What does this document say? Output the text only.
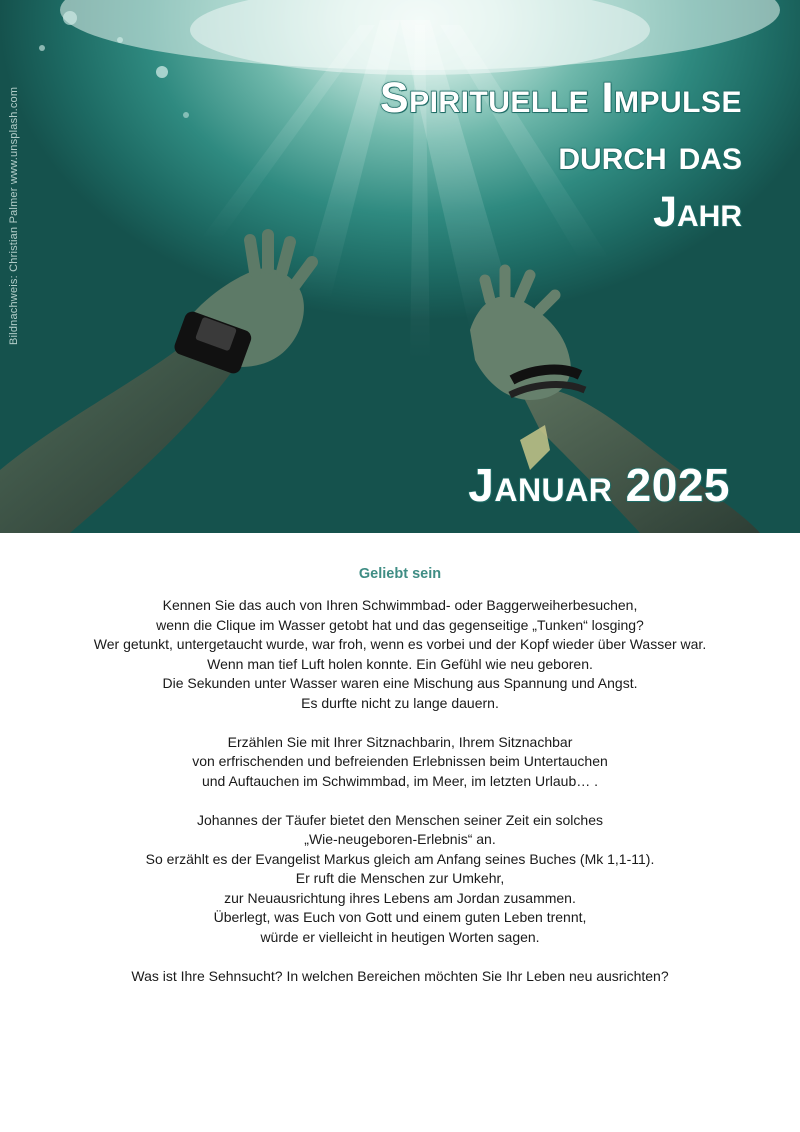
Bildnachweis: Christian Palmer www.unsplash.com	Spirituelle Impulse
durch das
Jahr
Januar 2025
Geliebt sein

Kennen Sie das auch von Ihren Schwimmbad- oder Baggerweiherbesuchen,

wenn die Clique im Wasser getobt hat und das gegenseitige „Tunken“ losging?

Wer getunkt, untergetaucht wurde, war froh, wenn es vorbei und der Kopf wieder über Wasser war.

Wenn man tief Luft holen konnte. Ein Gefühl wie neu geboren.

Die Sekunden unter Wasser waren eine Mischung aus Spannung und Angst.

Es durfte nicht zu lange dauern.

Erzählen Sie mit Ihrer Sitznachbarin, Ihrem Sitznachbar

von erfrischenden und befreienden Erlebnissen beim Untertauchen

und Auftauchen im Schwimmbad, im Meer, im letzten Urlaub… .

Johannes der Täufer bietet den Menschen seiner Zeit ein solches

„Wie-neugeboren-Erlebnis“ an.

So erzählt es der Evangelist Markus gleich am Anfang seines Buches (Mk 1,1-11).

Er ruft die Menschen zur Umkehr,

zur Neuausrichtung ihres Lebens am Jordan zusammen.

Überlegt, was Euch von Gott und einem guten Leben trennt,

würde er vielleicht in heutigen Worten sagen.

Was ist Ihre Sehnsucht? In welchen Bereichen möchten Sie Ihr Leben neu ausrichten?
